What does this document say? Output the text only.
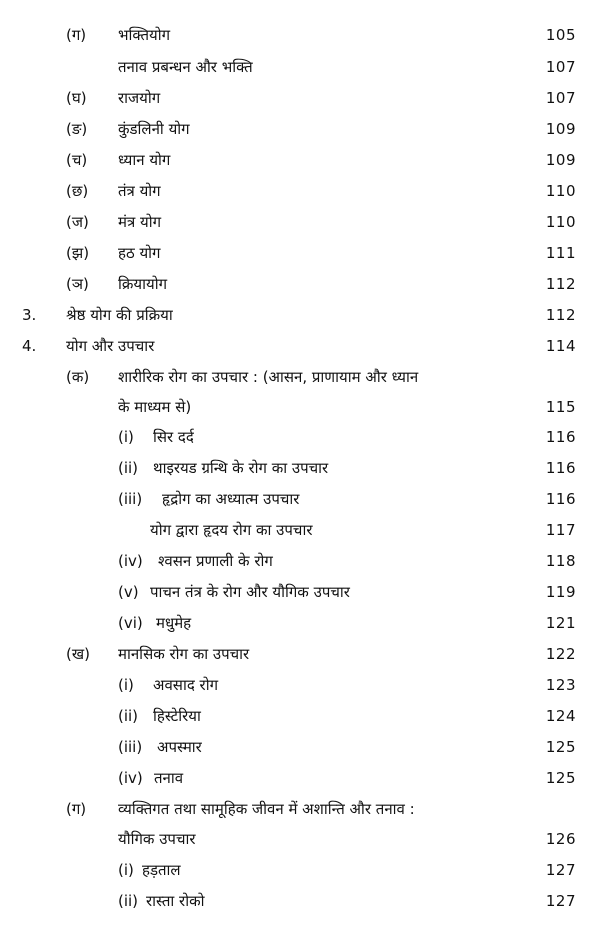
(ग) भक्तियोग	105
तनाव प्रबन्धन और भक्ति	107
(घ) राजयोग	107
(ङ) कुंडलिनी योग	109
(च) ध्यान योग	109
(छ) तंत्र योग	110
(ज) मंत्र योग	110
(झ) हठ योग	111
(ञ) क्रियायोग	112
3. श्रेष्ठ योग की प्रक्रिया	112
4. योग और उपचार	114
(क) शारीरिक रोग का उपचार : (आसन, प्राणायाम और ध्यान
के माध्यम से)	115
(i) सिर दर्द	116
(ii) थाइरयड ग्रन्थि के रोग का उपचार	116
(iii) हृद्रोग का अध्यात्म उपचार	116
योग द्वारा हृदय रोग का उपचार	117
(iv) श्वसन प्रणाली के रोग	118
(v) पाचन तंत्र के रोग और यौगिक उपचार	119
(vi) मधुमेह	121
(ख) मानसिक रोग का उपचार	122
(i) अवसाद रोग	123
(ii) हिस्टेरिया	124
(iii) अपस्मार	125
(iv) तनाव	125
(ग) व्यक्तिगत तथा सामूहिक जीवन में अशान्ति और तनाव :
यौगिक उपचार	126
(i) हड़ताल	127
(ii) रास्ता रोको	127
